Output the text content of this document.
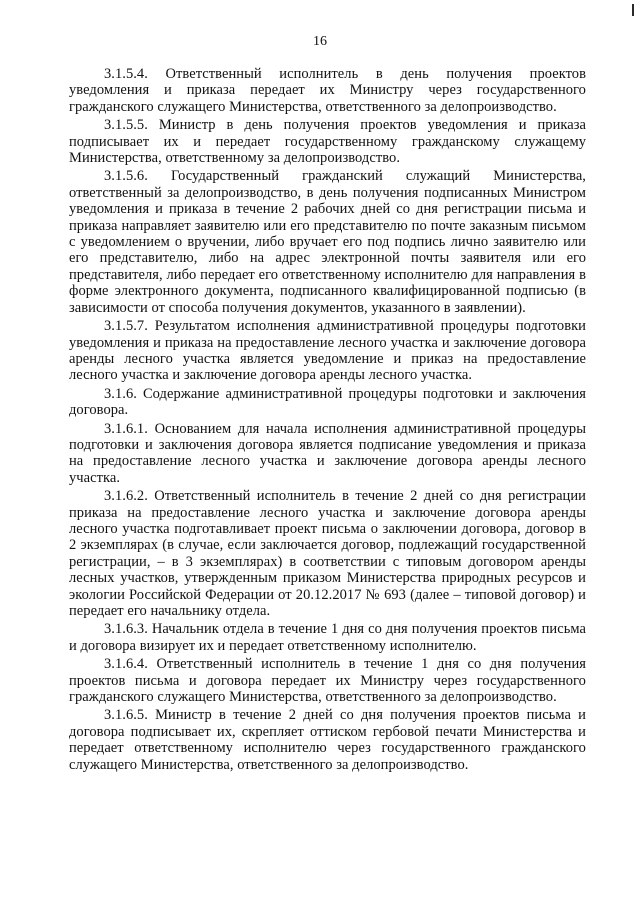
16

3.1.5.4. Ответственный исполнитель в день получения проектов уведомления и приказа передает их Министру через государственного гражданского служащего Министерства, ответственного за делопроизводство.

3.1.5.5. Министр в день получения проектов уведомления и приказа подписывает их и передает государственному гражданскому служащему Министерства, ответственному за делопроизводство.

3.1.5.6. Государственный гражданский служащий Министерства, ответственный за делопроизводство, в день получения подписанных Министром уведомления и приказа в течение 2 рабочих дней со дня регистрации письма и приказа направляет заявителю или его представителю по почте заказным письмом с уведомлением о вручении, либо вручает его под подпись лично заявителю или его представителю, либо на адрес электронной почты заявителя или его представителя, либо передает его ответственному исполнителю для направления в форме электронного документа, подписанного квалифицированной подписью (в зависимости от способа получения документов, указанного в заявлении).

3.1.5.7. Результатом исполнения административной процедуры подготовки уведомления и приказа на предоставление лесного участка и заключение договора аренды лесного участка является уведомление и приказ на предоставление лесного участка и заключение договора аренды лесного участка.

3.1.6. Содержание административной процедуры подготовки и заключения договора.

3.1.6.1. Основанием для начала исполнения административной процедуры подготовки и заключения договора является подписание уведомления и приказа на предоставление лесного участка и заключение договора аренды лесного участка.

3.1.6.2. Ответственный исполнитель в течение 2 дней со дня регистрации приказа на предоставление лесного участка и заключение договора аренды лесного участка подготавливает проект письма о заключении договора, договор в 2 экземплярах (в случае, если заключается договор, подлежащий государственной регистрации, – в 3 экземплярах) в соответствии с типовым договором аренды лесных участков, утвержденным приказом Министерства природных ресурсов и экологии Российской Федерации от 20.12.2017 № 693 (далее – типовой договор) и передает его начальнику отдела.

3.1.6.3. Начальник отдела в течение 1 дня со дня получения проектов письма и договора визирует их и передает ответственному исполнителю.

3.1.6.4. Ответственный исполнитель в течение 1 дня со дня получения проектов письма и договора передает их Министру через государственного гражданского служащего Министерства, ответственного за делопроизводство.

3.1.6.5. Министр в течение 2 дней со дня получения проектов письма и договора подписывает их, скрепляет оттиском гербовой печати Министерства и передает ответственному исполнителю через государственного гражданского служащего Министерства, ответственного за делопроизводство.
